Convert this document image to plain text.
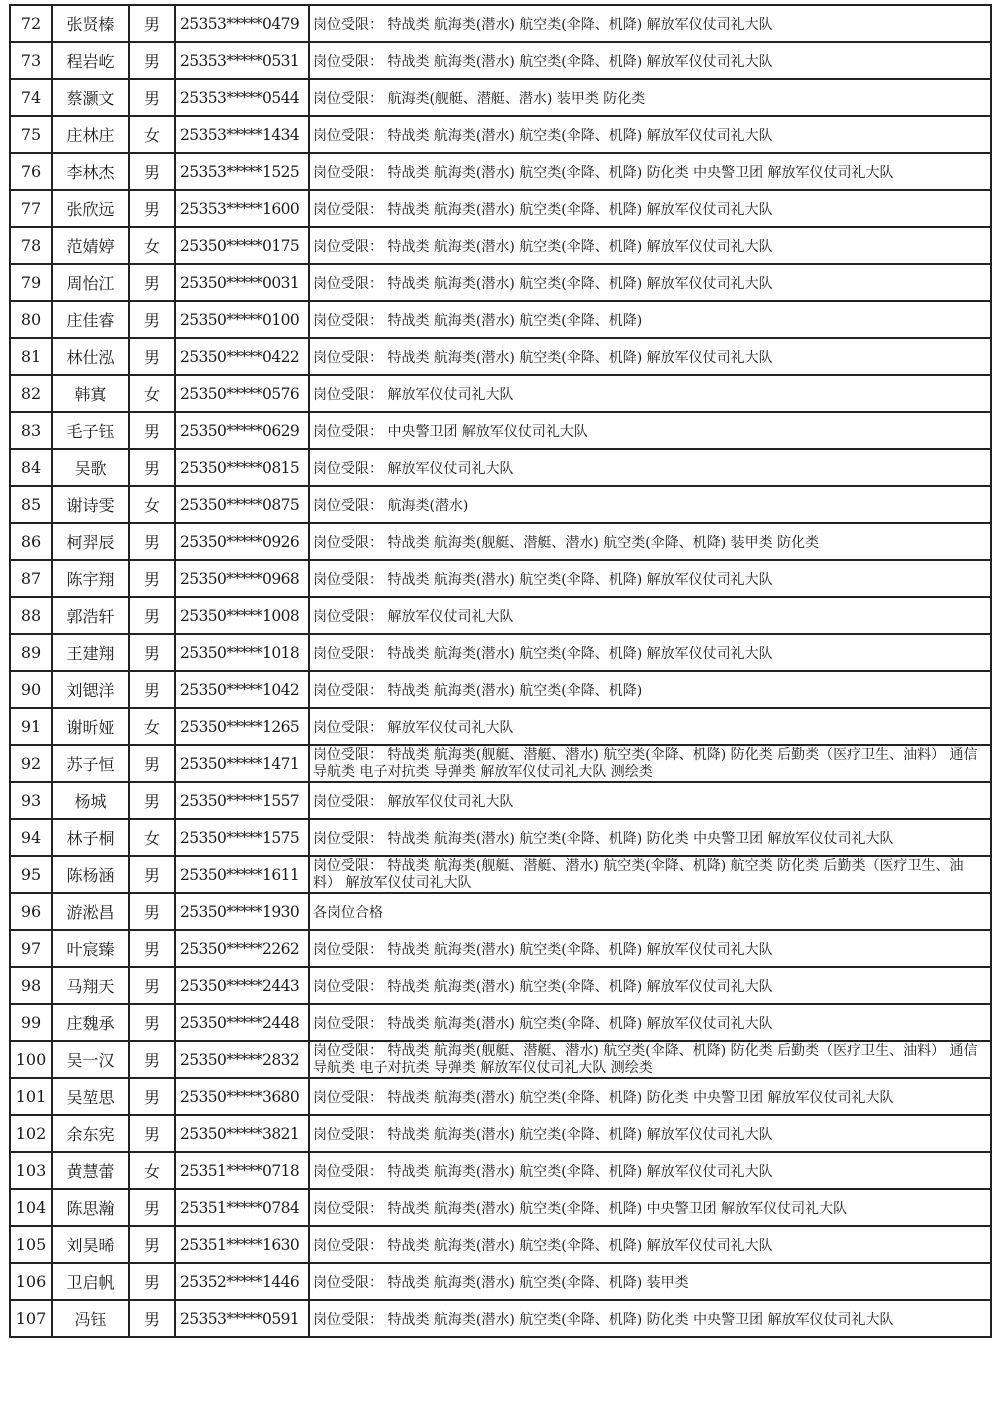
72	张贤榛	男	25353*****0479	岗位受限： 特战类 航海类(潜水) 航空类(伞降、机降) 解放军仪仗司礼大队
73	程岩屹	男	25353*****0531	岗位受限： 特战类 航海类(潜水) 航空类(伞降、机降) 解放军仪仗司礼大队
74	蔡灏文	男	25353*****0544	岗位受限： 航海类(舰艇、潜艇、潜水) 装甲类 防化类
75	庄林庄	女	25353*****1434	岗位受限： 特战类 航海类(潜水) 航空类(伞降、机降) 解放军仪仗司礼大队
76	李林杰	男	25353*****1525	岗位受限： 特战类 航海类(潜水) 航空类(伞降、机降) 防化类 中央警卫团 解放军仪仗司礼大队
77	张欣远	男	25353*****1600	岗位受限： 特战类 航海类(潜水) 航空类(伞降、机降) 解放军仪仗司礼大队
78	范婧婷	女	25350*****0175	岗位受限： 特战类 航海类(潜水) 航空类(伞降、机降) 解放军仪仗司礼大队
79	周怡江	男	25350*****0031	岗位受限： 特战类 航海类(潜水) 航空类(伞降、机降) 解放军仪仗司礼大队
80	庄佳睿	男	25350*****0100	岗位受限： 特战类 航海类(潜水) 航空类(伞降、机降)
81	林仕泓	男	25350*****0422	岗位受限： 特战类 航海类(潜水) 航空类(伞降、机降) 解放军仪仗司礼大队
82	韩寘	女	25350*****0576	岗位受限： 解放军仪仗司礼大队
83	毛子钰	男	25350*****0629	岗位受限： 中央警卫团 解放军仪仗司礼大队
84	吴歌	男	25350*****0815	岗位受限： 解放军仪仗司礼大队
85	谢诗雯	女	25350*****0875	岗位受限： 航海类(潜水)
86	柯羿辰	男	25350*****0926	岗位受限： 特战类 航海类(舰艇、潜艇、潜水) 航空类(伞降、机降) 装甲类 防化类
87	陈宇翔	男	25350*****0968	岗位受限： 特战类 航海类(潜水) 航空类(伞降、机降) 解放军仪仗司礼大队
88	郭浩轩	男	25350*****1008	岗位受限： 解放军仪仗司礼大队
89	王建翔	男	25350*****1018	岗位受限： 特战类 航海类(潜水) 航空类(伞降、机降) 解放军仪仗司礼大队
90	刘锶洋	男	25350*****1042	岗位受限： 特战类 航海类(潜水) 航空类(伞降、机降)
91	谢昕娅	女	25350*****1265	岗位受限： 解放军仪仗司礼大队
92	苏子恒	男	25350*****1471	岗位受限： 特战类 航海类(舰艇、潜艇、潜水) 航空类(伞降、机降) 防化类 后勤类（医疗卫生、油料） 通信导航类 电子对抗类 导弹类 解放军仪仗司礼大队 测绘类
93	杨城	男	25350*****1557	岗位受限： 解放军仪仗司礼大队
94	林子桐	女	25350*****1575	岗位受限： 特战类 航海类(潜水) 航空类(伞降、机降) 防化类 中央警卫团 解放军仪仗司礼大队
95	陈杨涵	男	25350*****1611	岗位受限： 特战类 航海类(舰艇、潜艇、潜水) 航空类(伞降、机降) 航空类 防化类 后勤类（医疗卫生、油料） 解放军仪仗司礼大队
96	游淞昌	男	25350*****1930	各岗位合格
97	叶宸臻	男	25350*****2262	岗位受限： 特战类 航海类(潜水) 航空类(伞降、机降) 解放军仪仗司礼大队
98	马翔天	男	25350*****2443	岗位受限： 特战类 航海类(潜水) 航空类(伞降、机降) 解放军仪仗司礼大队
99	庄魏承	男	25350*****2448	岗位受限： 特战类 航海类(潜水) 航空类(伞降、机降) 解放军仪仗司礼大队
100	吴一汉	男	25350*****2832	岗位受限： 特战类 航海类(舰艇、潜艇、潜水) 航空类(伞降、机降) 防化类 后勤类（医疗卫生、油料） 通信导航类 电子对抗类 导弹类 解放军仪仗司礼大队 测绘类
101	吴堃思	男	25350*****3680	岗位受限： 特战类 航海类(潜水) 航空类(伞降、机降) 防化类 中央警卫团 解放军仪仗司礼大队
102	余东宪	男	25350*****3821	岗位受限： 特战类 航海类(潜水) 航空类(伞降、机降) 解放军仪仗司礼大队
103	黄慧蕾	女	25351*****0718	岗位受限： 特战类 航海类(潜水) 航空类(伞降、机降) 解放军仪仗司礼大队
104	陈思瀚	男	25351*****0784	岗位受限： 特战类 航海类(潜水) 航空类(伞降、机降) 中央警卫团 解放军仪仗司礼大队
105	刘昊晞	男	25351*****1630	岗位受限： 特战类 航海类(潜水) 航空类(伞降、机降) 解放军仪仗司礼大队
106	卫启帆	男	25352*****1446	岗位受限： 特战类 航海类(潜水) 航空类(伞降、机降) 装甲类
107	冯钰	男	25353*****0591	岗位受限： 特战类 航海类(潜水) 航空类(伞降、机降) 防化类 中央警卫团 解放军仪仗司礼大队
